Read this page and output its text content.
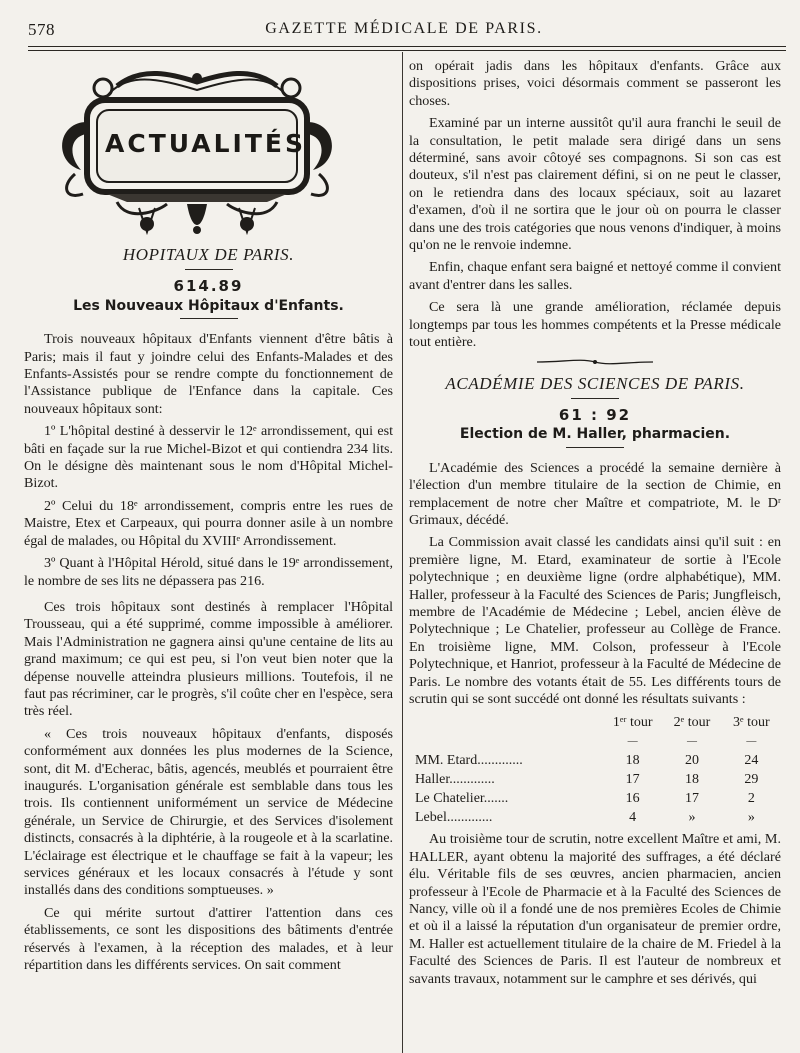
578	GAZETTE MÉDICALE DE PARIS.
ACTUALITÉS
HOPITAUX DE PARIS.
614.89
Les Nouveaux Hôpitaux d'Enfants.

Trois nouveaux hôpitaux d'Enfants viennent d'être bâtis à Paris; mais il faut y joindre celui des Enfants-Malades et des Enfants-Assistés pour se rendre compte du fonctionnement de l'Assistance publique de l'Enfance dans la capitale. Ces nouveaux hôpitaux sont:

1º L'hôpital destiné à desservir le 12ᵉ arrondissement, qui est bâti en façade sur la rue Michel-Bizot et qui contiendra 234 lits. On le désigne dès maintenant sous le nom d'Hôpital Michel-Bizot.

2º Celui du 18ᵉ arrondissement, compris entre les rues de Maistre, Etex et Carpeaux, qui pourra donner asile à un nombre égal de malades, ou Hôpital du XVIIIᵉ Arrondissement.

3º Quant à l'Hôpital Hérold, situé dans le 19ᵉ arrondissement, le nombre de ses lits ne dépassera pas 216.

Ces trois hôpitaux sont destinés à remplacer l'Hôpital Trousseau, qui a été supprimé, comme impossible à améliorer. Mais l'Administration ne gagnera ainsi qu'une centaine de lits au grand maximum; ce qui est peu, si l'on veut bien noter que la dépense nouvelle atteindra plusieurs millions. Toutefois, il ne faut pas récriminer, car le progrès, s'il coûte cher en l'espèce, sera très réel.

« Ces trois nouveaux hôpitaux d'enfants, disposés conformément aux données les plus modernes de la Science, sont, dit M. d'Echerac, bâtis, agencés, meublés et pourraient être inaugurés. L'organisation générale est semblable dans tous les trois. Ils contiennent uniformément un service de Médecine générale, un Service de Chirurgie, et des Services d'isolement distincts, consacrés à la diphtérie, à la rougeole et à la scarlatine. L'éclairage est électrique et le chauffage se fait à la vapeur; les services généraux et les locaux consacrés à l'étude y sont installés dans des conditions somptueuses. »

Ce qui mérite surtout d'attirer l'attention dans ces établissements, ce sont les dispositions des bâtiments d'entrée réservés à l'examen, à la réception des malades, et à leur répartition dans les différents services. On sait comment

on opérait jadis dans les hôpitaux d'enfants. Grâce aux dispositions prises, voici désormais comment se passeront les choses.

Examiné par un interne aussitôt qu'il aura franchi le seuil de la consultation, le petit malade sera dirigé dans un sens déterminé, sans avoir côtoyé ses compagnons. Si son cas est douteux, s'il n'est pas clairement défini, si on ne peut le classer, on le retiendra dans des locaux spéciaux, soit au lazaret d'examen, d'où il ne sortira que le jour où on pourra le classer dans une des trois catégories que nous venons d'indiquer, à moins qu'on ne le renvoie indemne.

Enfin, chaque enfant sera baigné et nettoyé comme il convient avant d'entrer dans les salles.

Ce sera là une grande amélioration, réclamée depuis longtemps par tous les hommes compétents et la Presse médicale tout entière.

ACADÉMIE DES SCIENCES DE PARIS.
61 : 92
Election de M. Haller, pharmacien.

L'Académie des Sciences a procédé la semaine dernière à l'élection d'un membre titulaire de la section de Chimie, en remplacement de notre cher Maître et compatriote, M. le Dʳ Grimaux, décédé.

La Commission avait classé les candidats ainsi qu'il suit : en première ligne, M. Etard, examinateur de sortie à l'Ecole polytechnique ; en deuxième ligne (ordre alphabétique), MM. Haller, professeur à la Faculté des Sciences de Paris; Jungfleisch, membre de l'Académie de Médecine ; Lebel, ancien élève de Polytechnique ; Le Chatelier, professeur au Collège de France. En troisième ligne, MM. Colson, professeur à l'Ecole Polytechnique, et Hanriot, professeur à la Faculté de Médecine de Paris. Le nombre des votants était de 55. Les différents tours de scrutin qui se sont succédé ont donné les résultats suivants :

	1ᵉʳ tour	2ᵉ tour	3ᵉ tour
	—	—	—
MM. Etard.............	18	20	24
Haller.............	17	18	29
Le Chatelier.......	16	17	2
Lebel.............	4	»	»

Au troisième tour de scrutin, notre excellent Maître et ami, M. HALLER, ayant obtenu la majorité des suffrages, a été déclaré élu. Véritable fils de ses œuvres, ancien pharmacien, ancien professeur à l'Ecole de Pharmacie et à la Faculté des Sciences de Nancy, ville où il a fondé une de nos premières Ecoles de Chimie et où il a laissé la réputation d'un organisateur de premier ordre, M. Haller est actuellement titulaire de la chaire de M. Friedel à la Faculté des Sciences de Paris. Il est l'auteur de nombreux et savants travaux, notamment sur le camphre et ses dérivés, qui
